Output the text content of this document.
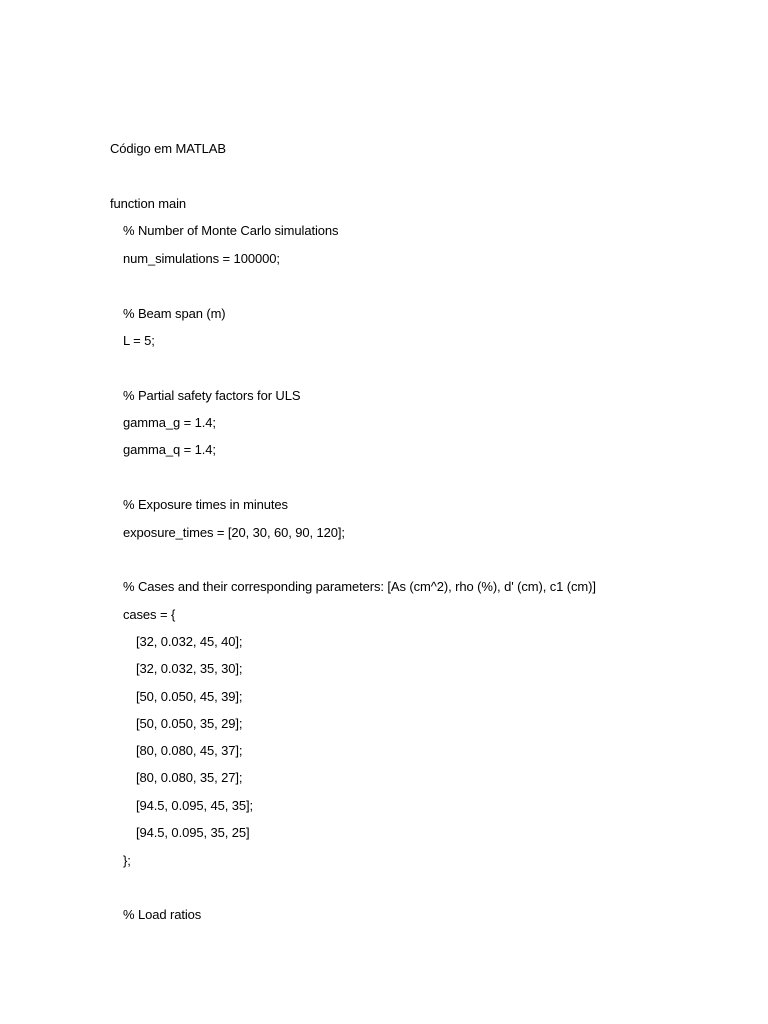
Código em MATLAB
function main
% Number of Monte Carlo simulations
num_simulations = 100000;
% Beam span (m)
L = 5;
% Partial safety factors for ULS
gamma_g = 1.4;
gamma_q = 1.4;
% Exposure times in minutes
exposure_times = [20, 30, 60, 90, 120];
% Cases and their corresponding parameters: [As (cm^2), rho (%), d' (cm), c1 (cm)]
cases = {
[32, 0.032, 45, 40];
[32, 0.032, 35, 30];
[50, 0.050, 45, 39];
[50, 0.050, 35, 29];
[80, 0.080, 45, 37];
[80, 0.080, 35, 27];
[94.5, 0.095, 45, 35];
[94.5, 0.095, 35, 25]
};
% Load ratios
